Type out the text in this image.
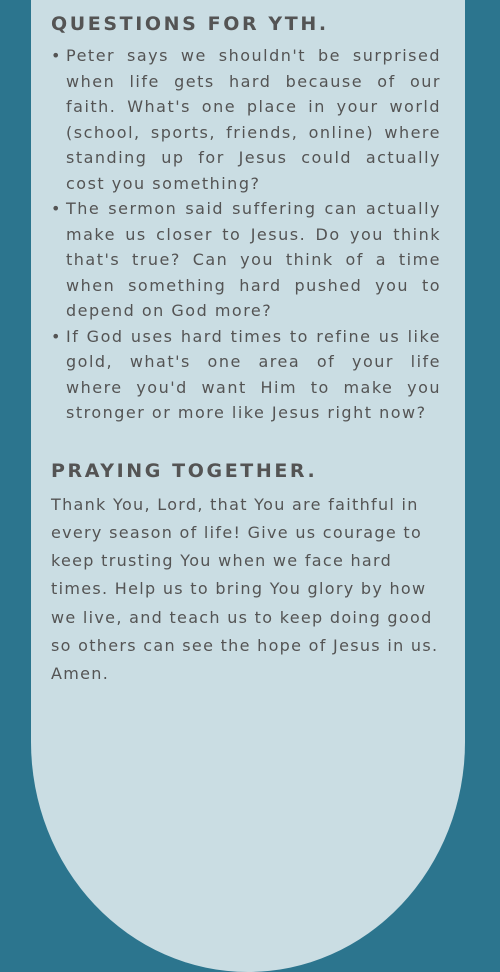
QUESTIONS FOR YTH.
• Peter says we shouldn't be surprised when life gets hard because of our faith. What's one place in your world (school, sports, friends, online) where standing up for Jesus could actually cost you something?
• The sermon said suffering can actually make us closer to Jesus. Do you think that's true? Can you think of a time when something hard pushed you to depend on God more?
• If God uses hard times to refine us like gold, what's one area of your life where you'd want Him to make you stronger or more like Jesus right now?
PRAYING TOGETHER.

Thank You, Lord, that You are faithful in every season of life! Give us courage to keep trusting You when we face hard times. Help us to bring You glory by how we live, and teach us to keep doing good so others can see the hope of Jesus in us. Amen.
